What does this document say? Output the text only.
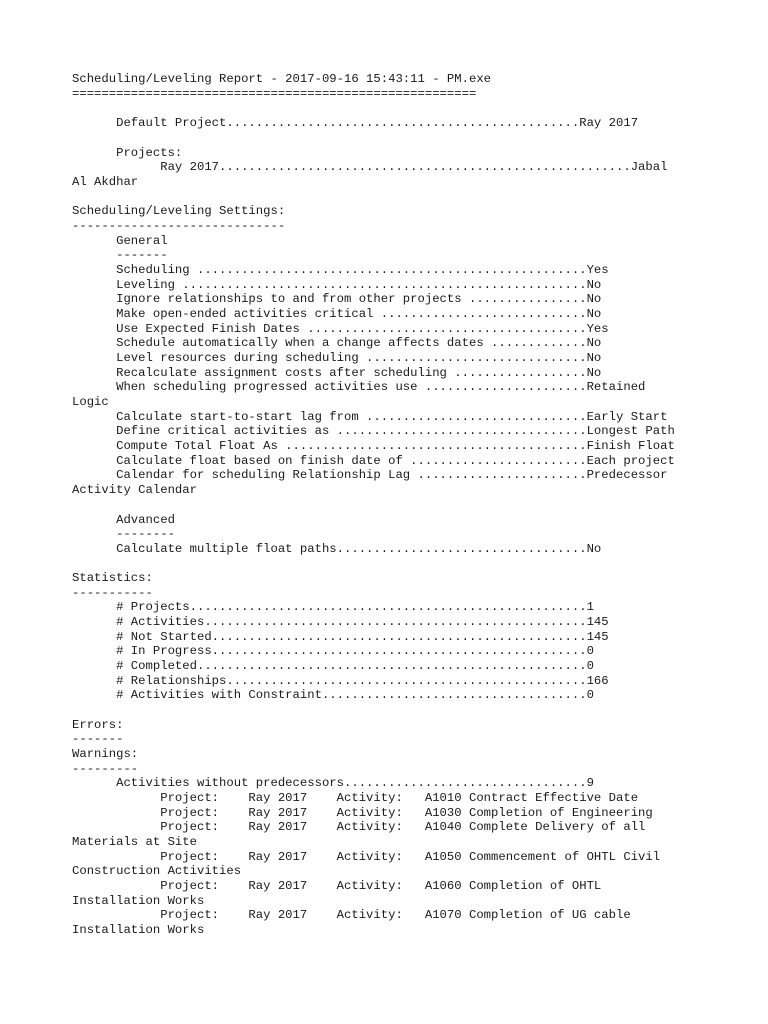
Scheduling/Leveling Report - 2017-09-16 15:43:11 - PM.exe
=======================================================
Default Project................................................Ray 2017
Projects:
Ray 2017........................................................Jabal
Al Akdhar
Scheduling/Leveling Settings:
-----------------------------
General
-------
Scheduling .....................................................Yes
Leveling .......................................................No
Ignore relationships to and from other projects ................No
Make open-ended activities critical ............................No
Use Expected Finish Dates ......................................Yes
Schedule automatically when a change affects dates .............No
Level resources during scheduling ..............................No
Recalculate assignment costs after scheduling ..................No
When scheduling progressed activities use ......................Retained
Logic
Calculate start-to-start lag from ..............................Early Start
Define critical activities as ..................................Longest Path
Compute Total Float As .........................................Finish Float
Calculate float based on finish date of ........................Each project
Calendar for scheduling Relationship Lag .......................Predecessor
Activity Calendar
Advanced
--------
Calculate multiple float paths..................................No
Statistics:
-----------
# Projects......................................................1
# Activities....................................................145
# Not Started...................................................145
# In Progress...................................................0
# Completed.....................................................0
# Relationships.................................................166
# Activities with Constraint....................................0
Errors:
-------
Warnings:
---------
Activities without predecessors.................................9
Project:    Ray 2017    Activity:   A1010 Contract Effective Date
Project:    Ray 2017    Activity:   A1030 Completion of Engineering
Project:    Ray 2017    Activity:   A1040 Complete Delivery of all
Materials at Site
Project:    Ray 2017    Activity:   A1050 Commencement of OHTL Civil
Construction Activities
Project:    Ray 2017    Activity:   A1060 Completion of OHTL
Installation Works
Project:    Ray 2017    Activity:   A1070 Completion of UG cable
Installation Works
